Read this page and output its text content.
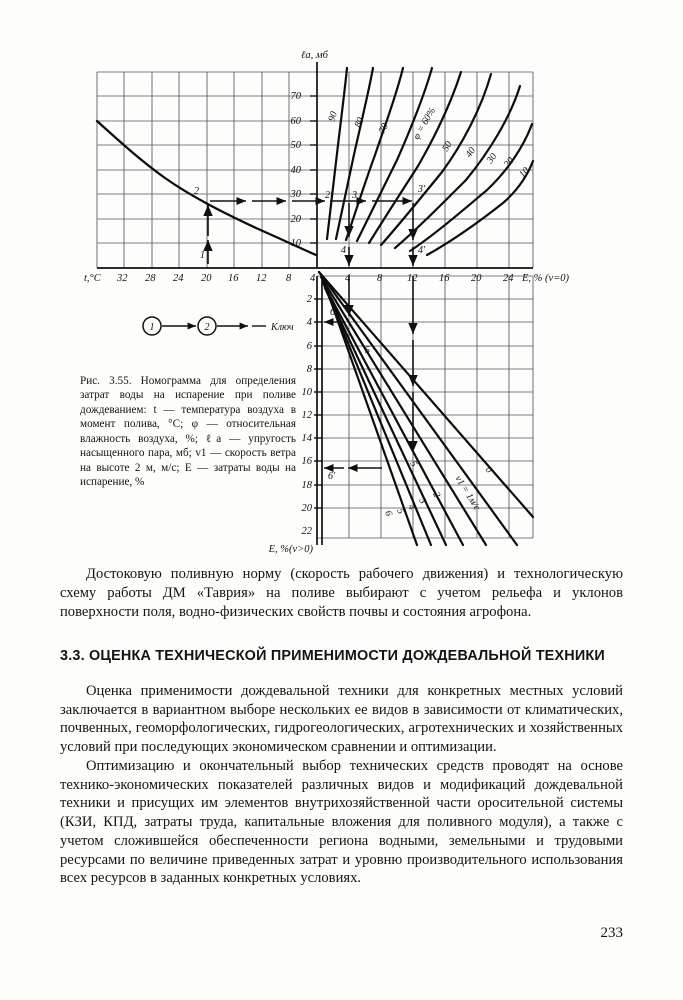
t,°C 32 28 24 20 16 12 8 4
ℓa, мб
70
60
50
40
30
20
10
4	8 12 16 20 24 E, % (v=0)
2
4
6
8
10
12
14
16
18
20
22
E, %(v>0)
90 80 70 φ = 60%
50 40 30 20
10
0
v1 = 1м/с
2
3
4
5
6
5
1
2	2' 3
3'
4	4'
5
6
6'
1	2	Ключ
Рис. 3.55. Номограмма для определения затрат воды на испарение при поливе дождеванием: t — температура воздуха в момент полива, °С; φ — относительная влажность воздуха, %; ℓa — упругость насыщенного пара, мб; v1 — скорость ветра на высоте 2 м, м/с; E — затраты воды на испарение, %

Достоковую поливную норму (скорость рабочего движения) и технологическую схему работы ДМ «Таврия» на поливе выбирают с учетом рельефа и уклонов поверхности поля, водно-физических свойств почвы и состояния агрофона.

3.3. ОЦЕНКА ТЕХНИЧЕСКОЙ ПРИМЕНИМОСТИ ДОЖДЕВАЛЬНОЙ ТЕХНИКИ

Оценка применимости дождевальной техники для конкретных местных условий заключается в вариантном выборе нескольких ее видов в зависимости от климатических, почвенных, геоморфологических, гидрогеологических, агротехнических и хозяйственных условий при последующих экономическом сравнении и оптимизации.

Оптимизацию и окончательный выбор технических средств проводят на основе технико-экономических показателей различных видов и модификаций дождевальной техники и присущих им элементов внутрихозяйственной части оросительной системы (КЗИ, КПД, затраты труда, капитальные вложения для поливного модуля), а также с учетом сложившейся обеспеченности региона водными, земельными и трудовыми ресурсами по величине приведенных затрат и уровню производительного использования всех ресурсов в заданных конкретных условиях.

233
